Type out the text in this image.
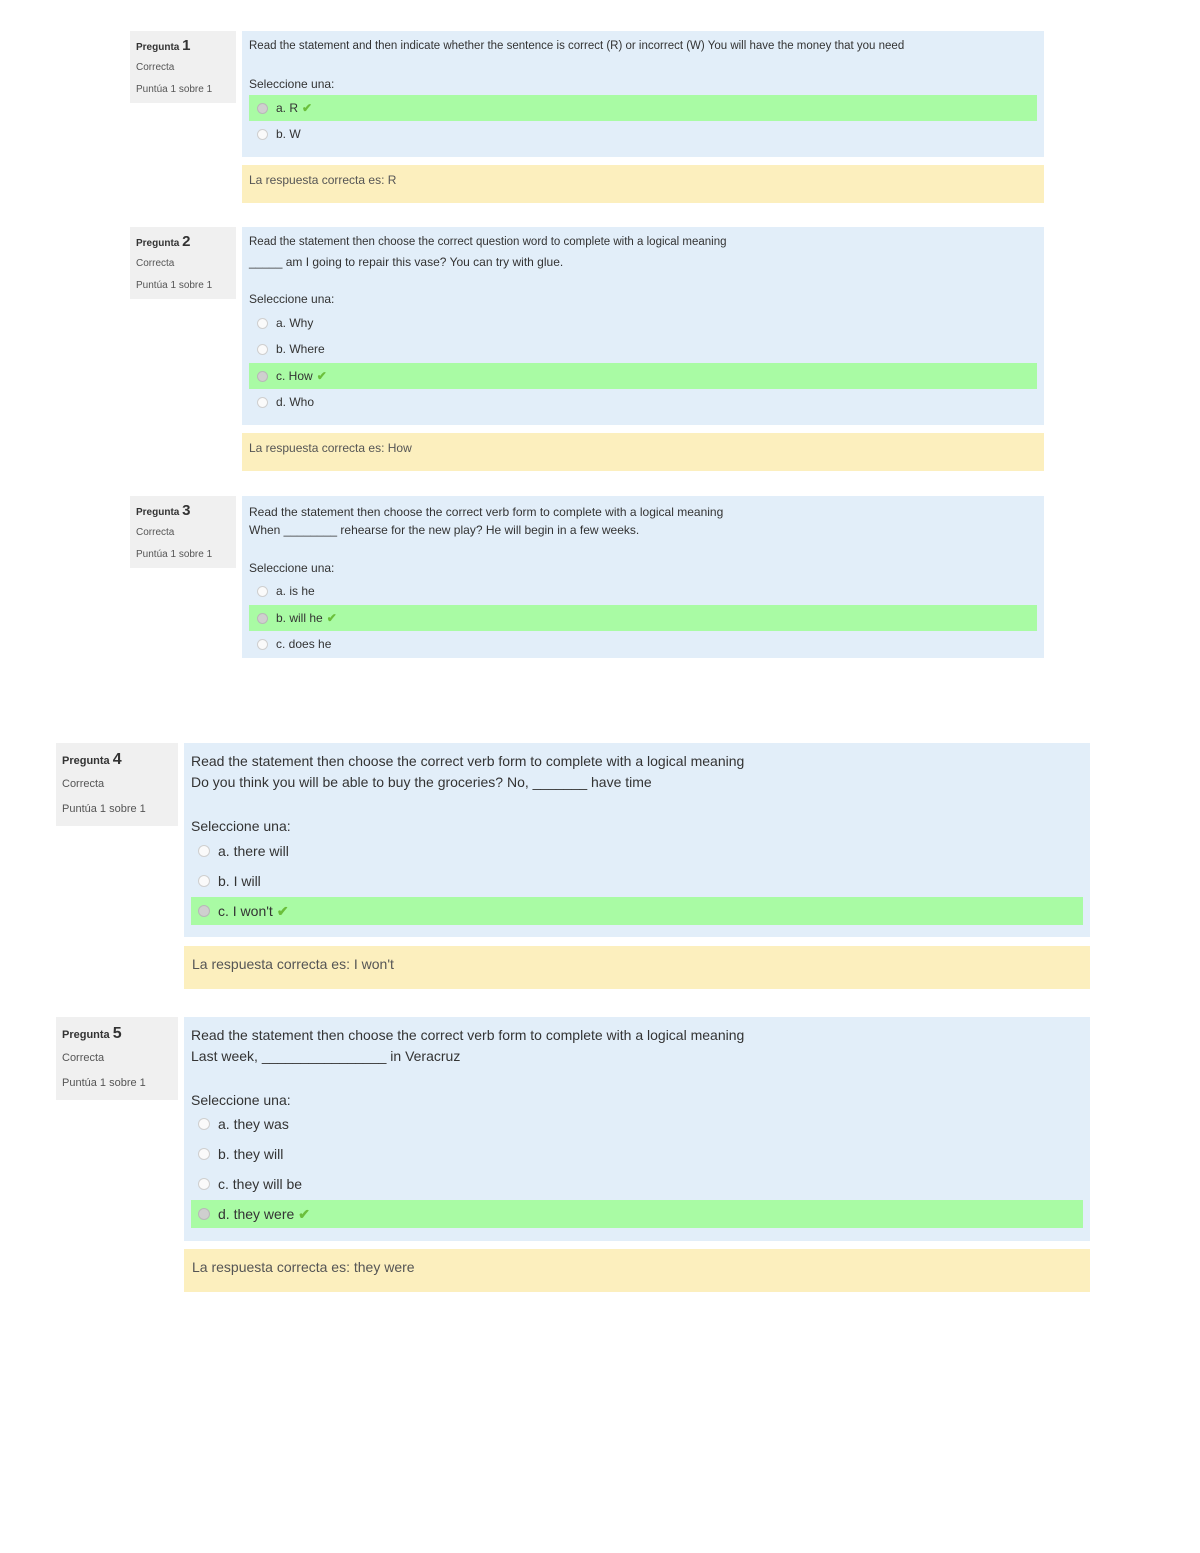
Pregunta 1
Correcta
Puntúa 1 sobre 1
Read the statement and then indicate whether the sentence is correct (R) or incorrect (W) You will have the money that you need
Seleccione una:
a. R ✔
b. W
La respuesta correcta es: R
Pregunta 2
Correcta
Puntúa 1 sobre 1
Read the statement then choose the correct question word to complete with a logical meaning
_____ am I going to repair this vase? You can try with glue.
Seleccione una:
a. Why
b. Where
c. How ✔
d. Who
La respuesta correcta es: How
Pregunta 3
Correcta
Puntúa 1 sobre 1
Read the statement then choose the correct verb form to complete with a logical meaning
When ________ rehearse for the new play? He will begin in a few weeks.
Seleccione una:
a. is he
b. will he ✔
c. does he
Pregunta 4
Correcta
Puntúa 1 sobre 1
Read the statement then choose the correct verb form to complete with a logical meaning
Do you think you will be able to buy the groceries? No, _______ have time
Seleccione una:
a. there will
b. I will
c. I won't ✔
La respuesta correcta es: I won't
Pregunta 5
Correcta
Puntúa 1 sobre 1
Read the statement then choose the correct verb form to complete with a logical meaning
Last week, ________________ in Veracruz
Seleccione una:
a. they was
b. they will
c. they will be
d. they were ✔
La respuesta correcta es: they were
